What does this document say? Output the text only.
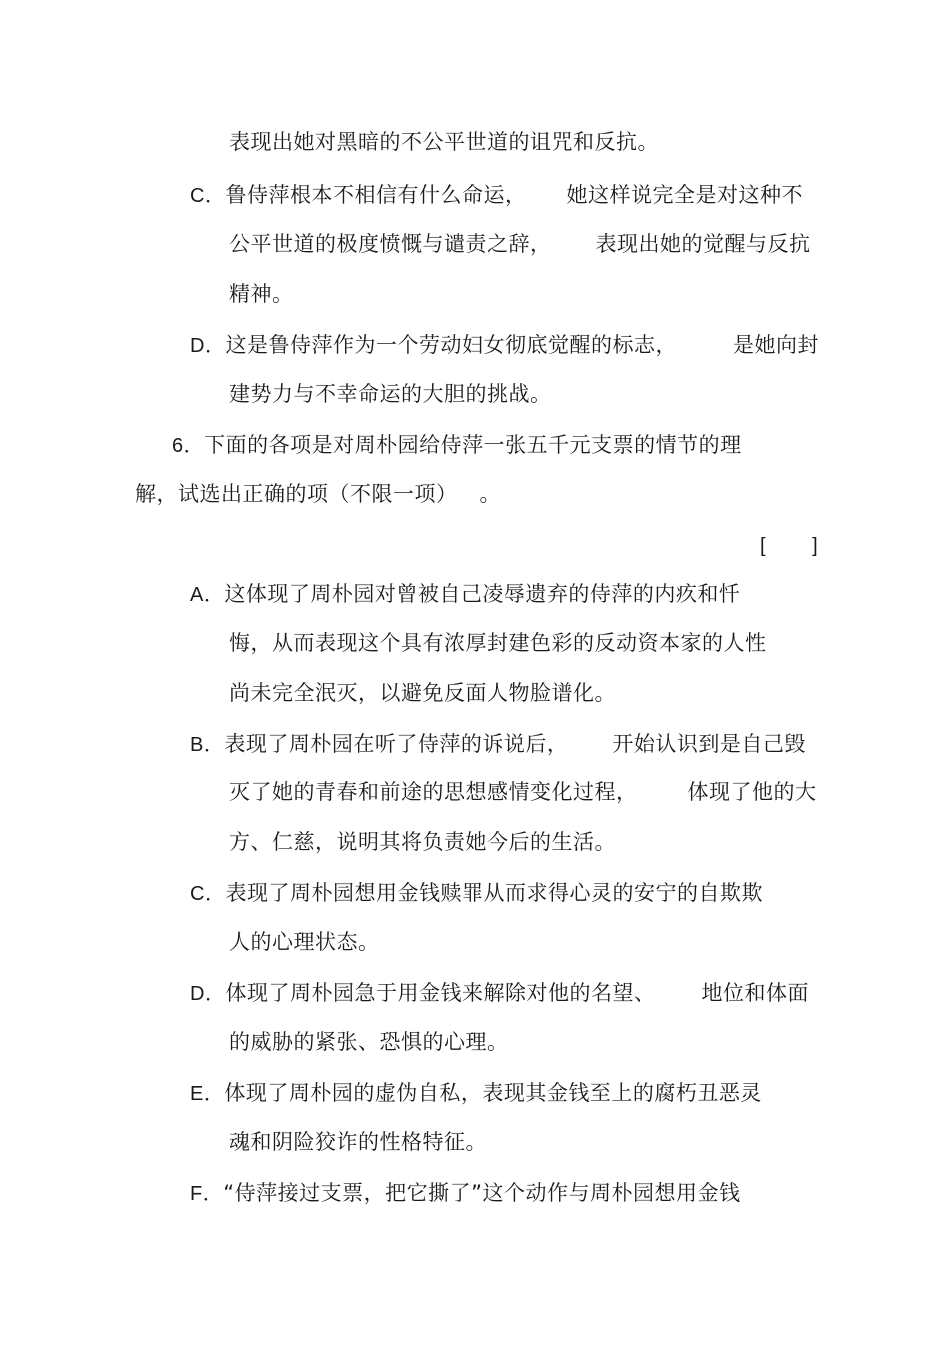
表现出她对黑暗的不公平世道的诅咒和反抗。
C．鲁侍萍根本不相信有什么命运， 她这样说完全是对这种不
公平世道的极度愤慨与谴责之辞， 表现出她的觉醒与反抗
精神。
D．这是鲁侍萍作为一个劳动妇女彻底觉醒的标志，	是她向封
建势力与不幸命运的大胆的挑战。
6．下面的各项是对周朴园给侍萍一张五千元支票的情节的理
解，试选出正确的项（不限一项） 。
[ ]
A．这体现了周朴园对曾被自己凌辱遗弃的侍萍的内疚和忏
悔，从而表现这个具有浓厚封建色彩的反动资本家的人性
尚未完全泯灭，以避免反面人物脸谱化。
B．表现了周朴园在听了侍萍的诉说后， 开始认识到是自己毁
灭了她的青春和前途的思想感情变化过程， 体现了他的大
方、仁慈，说明其将负责她今后的生活。
C．表现了周朴园想用金钱赎罪从而求得心灵的安宁的自欺欺
人的心理状态。
D．体现了周朴园急于用金钱来解除对他的名望、 地位和体面
的威胁的紧张、恐惧的心理。
E．体现了周朴园的虚伪自私，表现其金钱至上的腐朽丑恶灵
魂和阴险狡诈的性格特征。
F．“侍萍接过支票，把它撕了”这个动作与周朴园想用金钱
